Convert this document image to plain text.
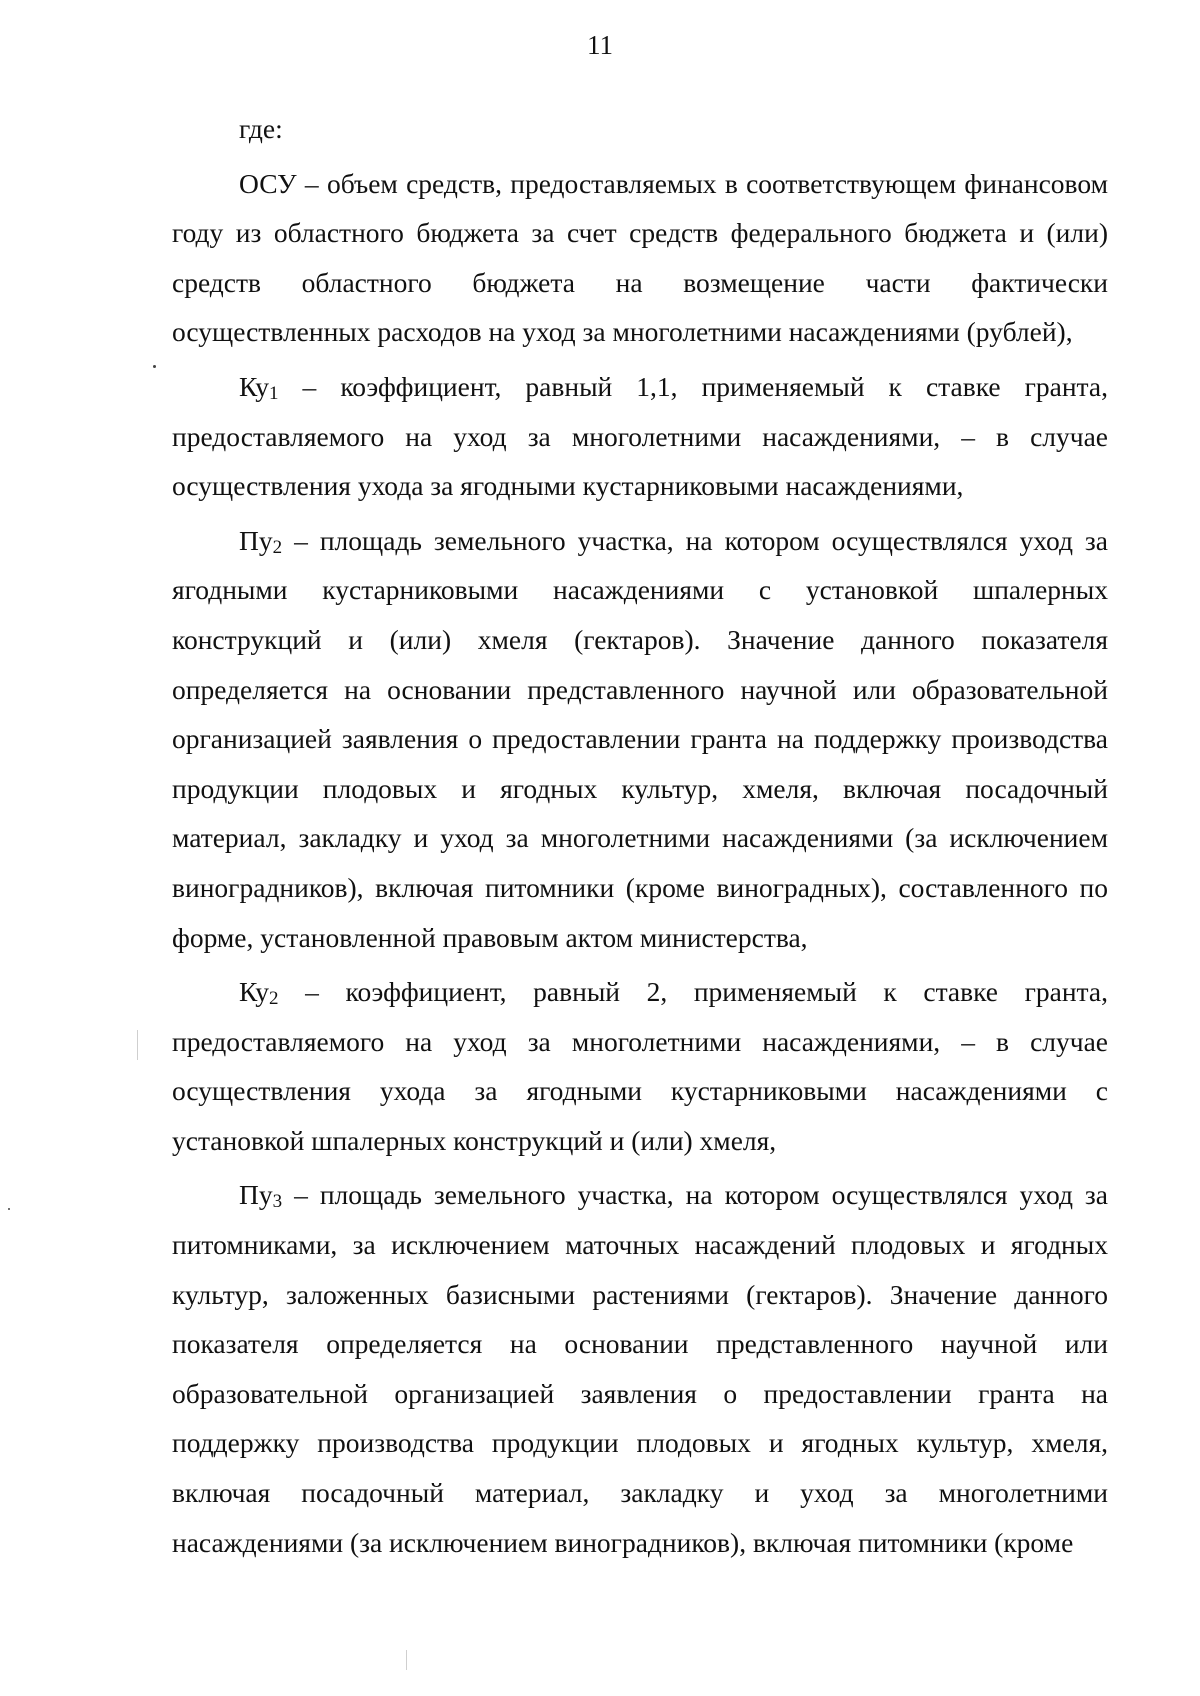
11

где:

ОСУ – объем средств, предоставляемых в соответствующем финансовом году из областного бюджета за счет средств федерального бюджета и (или) средств областного бюджета на возмещение части фактически осуществленных расходов на уход за многолетними насаждениями (рублей),

$Ку_1$ – коэффициент, равный 1,1, применяемый к ставке гранта, предоставляемого на уход за многолетними насаждениями, – в случае осуществления ухода за ягодными кустарниковыми насаждениями,

$Пу_2$ – площадь земельного участка, на котором осуществлялся уход за ягодными кустарниковыми насаждениями с установкой шпалерных конструкций и (или) хмеля (гектаров). Значение данного показателя определяется на основании представленного научной или образовательной организацией заявления о предоставлении гранта на поддержку производства продукции плодовых и ягодных культур, хмеля, включая посадочный материал, закладку и уход за многолетними насаждениями (за исключением виноградников), включая питомники (кроме виноградных), составленного по форме, установленной правовым актом министерства,

$Ку_2$ – коэффициент, равный 2, применяемый к ставке гранта, предоставляемого на уход за многолетними насаждениями, – в случае осуществления ухода за ягодными кустарниковыми насаждениями с установкой шпалерных конструкций и (или) хмеля,

$Пу_3$ – площадь земельного участка, на котором осуществлялся уход за питомниками, за исключением маточных насаждений плодовых и ягодных культур, заложенных базисными растениями (гектаров). Значение данного показателя определяется на основании представленного научной или образовательной организацией заявления о предоставлении гранта на поддержку производства продукции плодовых и ягодных культур, хмеля, включая посадочный материал, закладку и уход за многолетними насаждениями (за исключением виноградников), включая питомники (кроме
